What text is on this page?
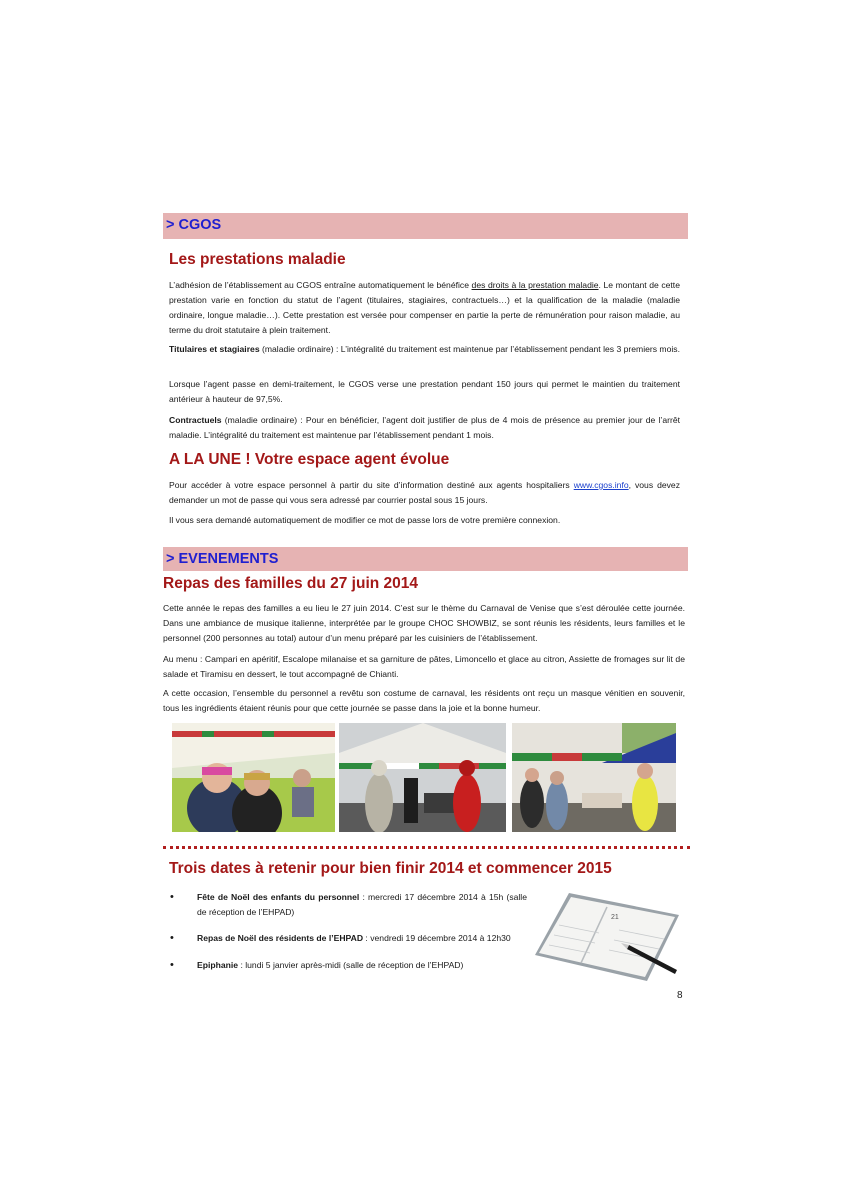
> CGOS
Les prestations maladie
L’adhésion de l’établissement au CGOS entraîne automatiquement le bénéfice des droits à la prestation maladie. Le montant de cette prestation varie en fonction du statut de l’agent (titulaires, stagiaires, contractuels…) et la qualification de la maladie (maladie ordinaire, longue maladie…). Cette prestation est versée pour compenser en partie la perte de rémunération pour raison maladie, au terme du droit statutaire à plein traitement.
Titulaires et stagiaires (maladie ordinaire) : L’intégralité du traitement est maintenue par l’établissement pendant les 3 premiers mois.
Lorsque l’agent passe en demi-traitement, le CGOS verse une prestation pendant 150 jours qui permet le maintien du traitement antérieur à hauteur de 97,5%.
Contractuels (maladie ordinaire) : Pour en bénéficier, l’agent doit justifier de plus de 4 mois de présence au premier jour de l’arrêt maladie. L’intégralité du traitement est maintenue par l’établissement pendant 1 mois.
A LA UNE ! Votre espace agent évolue
Pour accéder à votre espace personnel à partir du site d’information destiné aux agents hospitaliers www.cgos.info, vous devez demander un mot de passe qui vous sera adressé par courrier postal sous 15 jours.
Il vous sera demandé automatiquement de modifier ce mot de passe lors de votre première connexion.
> EVENEMENTS
Repas des familles du 27 juin 2014
Cette année le repas des familles a eu lieu le 27 juin 2014. C’est sur le thème du Carnaval de Venise que s’est déroulée cette journée. Dans une ambiance de musique italienne, interprétée par le groupe CHOC SHOWBIZ, se sont réunis les résidents, leurs familles et le personnel (200 personnes au total) autour d’un menu préparé par les cuisiniers de l’établissement.
Au menu : Campari en apéritif, Escalope milanaise et sa garniture de pâtes, Limoncello et glace au citron, Assiette de fromages sur lit de salade et Tiramisu en dessert, le tout accompagné de Chianti.
A cette occasion, l’ensemble du personnel a revêtu son costume de carnaval, les résidents ont reçu un masque vénitien en souvenir, tous les ingrédients étaient réunis pour que cette journée se passe dans la joie et la bonne humeur.
Trois dates à retenir pour bien finir 2014 et commencer 2015
•	Fête de Noël des enfants du personnel : mercredi 17 décembre 2014 à 15h (salle de réception de l’EHPAD)
•	Repas de Noël des résidents de l’EHPAD : vendredi 19 décembre 2014 à 12h30
•	Epiphanie : lundi 5 janvier après-midi (salle de réception de l’EHPAD)
21
8
